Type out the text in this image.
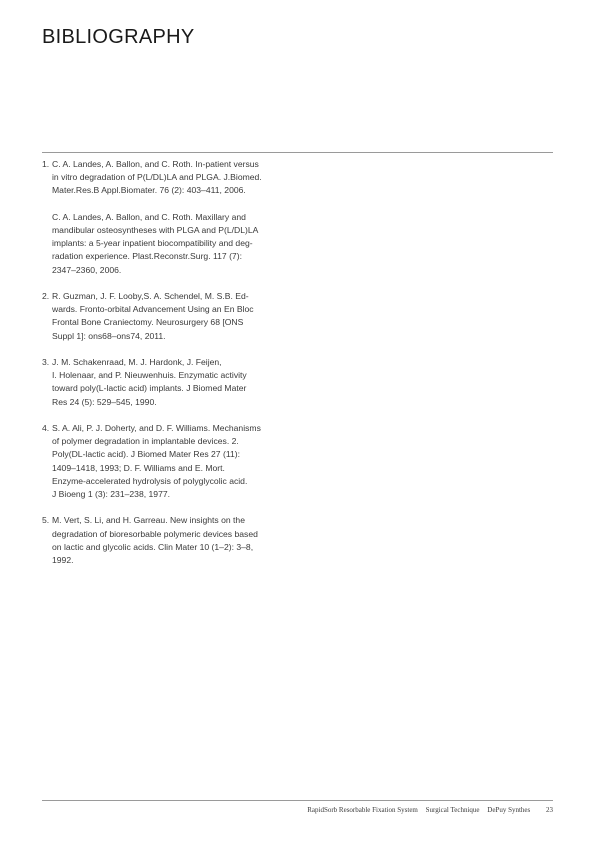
BIBLIOGRAPHY
1. C. A. Landes, A. Ballon, and C. Roth. In-patient versus
in vitro degradation of P(L/DL)LA and PLGA. J.Biomed.
Mater.Res.B Appl.Biomater. 76 (2): 403–411, 2006.
C. A. Landes, A. Ballon, and C. Roth. Maxillary and
mandibular osteosyntheses with PLGA and P(L/DL)LA
implants: a 5-year inpatient biocompatibility and deg-
radation experience. Plast.Reconstr.Surg. 117 (7):
2347–2360, 2006.
2. R. Guzman, J. F. Looby,S. A. Schendel, M. S.B. Ed-
wards. Fronto-orbital Advancement Using an En Bloc
Frontal Bone Craniectomy. Neurosurgery 68 [ONS
Suppl 1]: ons68–ons74, 2011.
3. J. M. Schakenraad, M. J. Hardonk, J. Feijen,
I. Holenaar, and P. Nieuwenhuis. Enzymatic activity
toward poly(L-lactic acid) implants. J Biomed Mater
Res 24 (5): 529–545, 1990.
4. S. A. Ali, P. J. Doherty, and D. F. Williams. Mechanisms
of polymer degradation in implantable devices. 2.
Poly(DL-lactic acid). J Biomed Mater Res 27 (11):
1409–1418, 1993; D. F. Williams and E. Mort.
Enzyme-accelerated hydrolysis of polyglycolic acid.
J Bioeng 1 (3): 231–238, 1977.
5. M. Vert, S. Li, and H. Garreau. New insights on the
degradation of bioresorbable polymeric devices based
on lactic and glycolic acids. Clin Mater 10 (1–2): 3–8,
1992.
RapidSorb Resorbable Fixation System Surgical Technique DePuy Synthes 23
